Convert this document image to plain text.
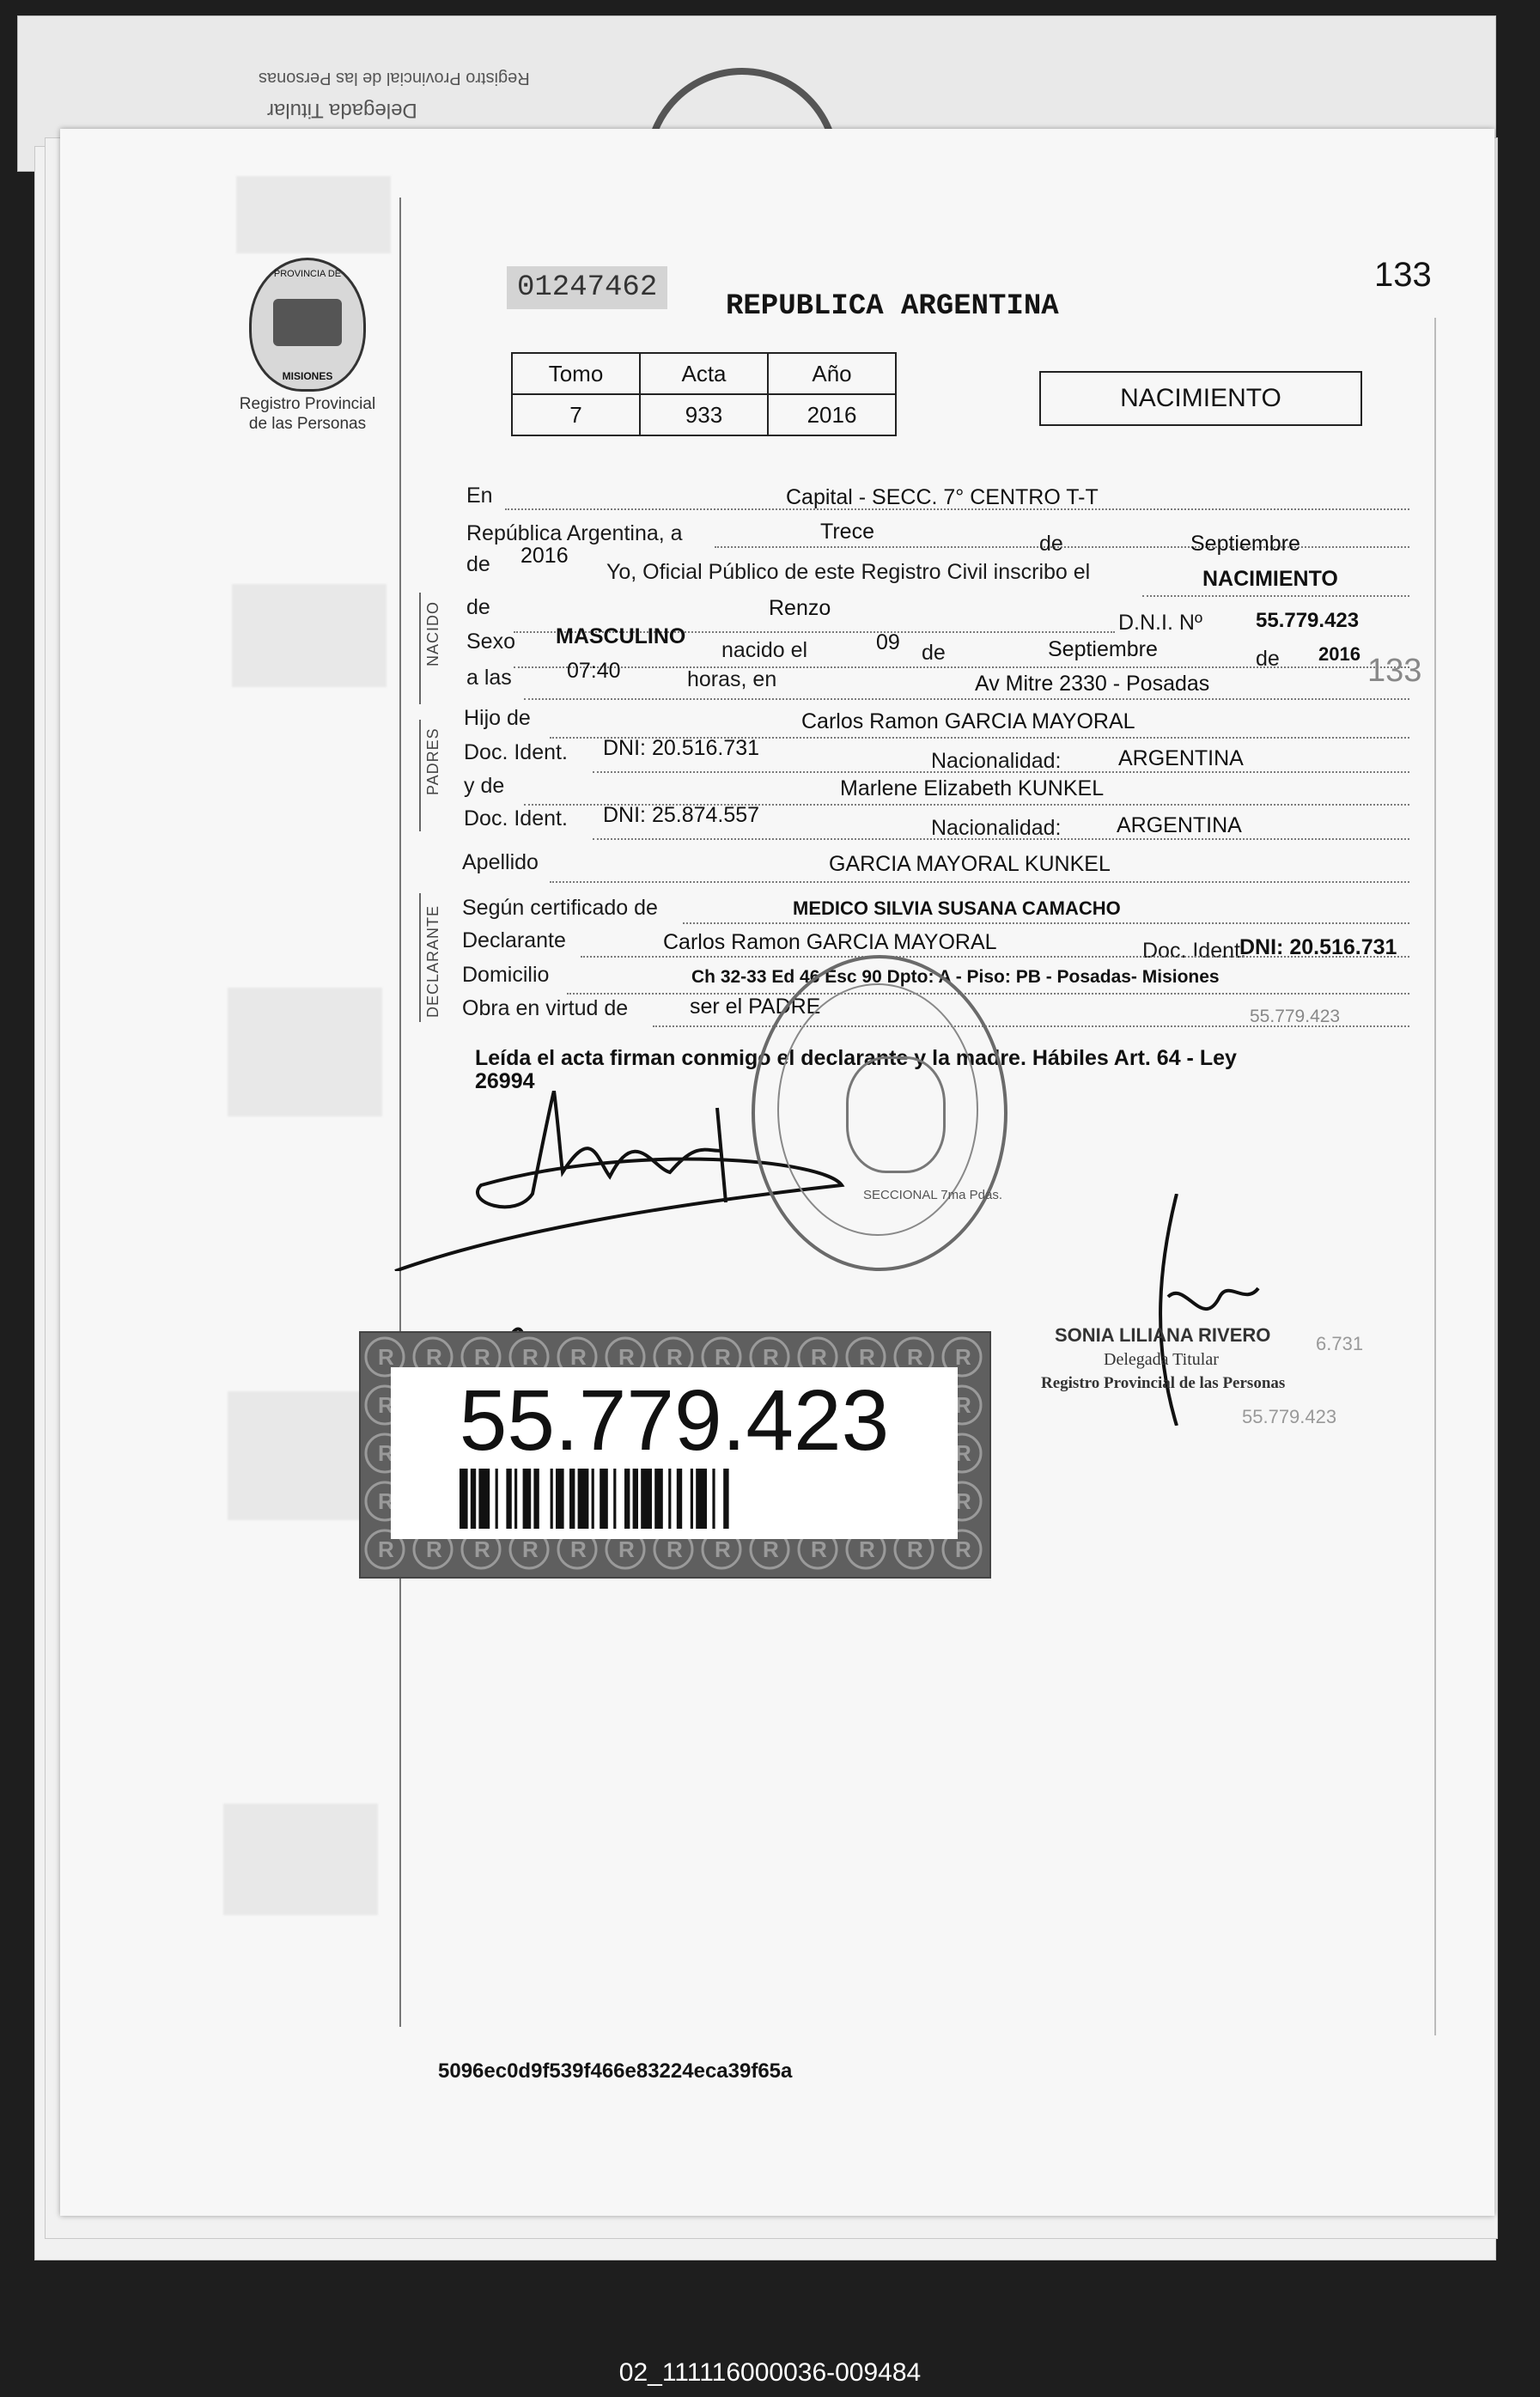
Delegada Titular
Registro Provincial de las Personas
133
PROVINCIA DE
MISIONES
Registro Provincial
de las Personas
01247462
REPUBLICA ARGENTINA
Tomo	Acta	Año
7	933	2016
NACIMIENTO
NACIDO
PADRES
DECLARANTE
En	Capital - SECC. 7° CENTRO T-T
República Argentina, a	Trece	de	Septiembre
de 2016
Yo, Oficial Público de este Registro Civil inscribo el	NACIMIENTO
de	Renzo
D.N.I. Nº	55.779.423
Sexo MASCULINO
nacido el	09 de	Septiembre	de 2016
a las	07:40	horas, en	Av Mitre 2330 - Posadas	133
Hijo de	Carlos Ramon GARCIA MAYORAL
Doc. Ident. DNI: 20.516.731
Nacionalidad:	ARGENTINA
y de	Marlene Elizabeth KUNKEL
Doc. Ident. DNI: 25.874.557
Nacionalidad:	ARGENTINA
Apellido	GARCIA MAYORAL KUNKEL
Según certificado de	MEDICO SILVIA SUSANA CAMACHO
Declarante	Carlos Ramon GARCIA MAYORAL	Doc. Ident.
DNI: 20.516.731
Domicilio	Ch 32-33 Ed 46 Esc 90 Dpto: A - Piso: PB - Posadas- Misiones
Obra en virtud de	ser el PADRE	55.779.423
Leída el acta firman conmigo el declarante y la madre. Hábiles Art. 64 - Ley
26994
SECCIONAL 7ma Pdas.
SONIA LILIANA RIVERO
Delegada Titular
Registro Provincial de las Personas
55.779.423
6.731
55.779.423
5096ec0d9f539f466e83224eca39f65a
02_111116000036-009484
